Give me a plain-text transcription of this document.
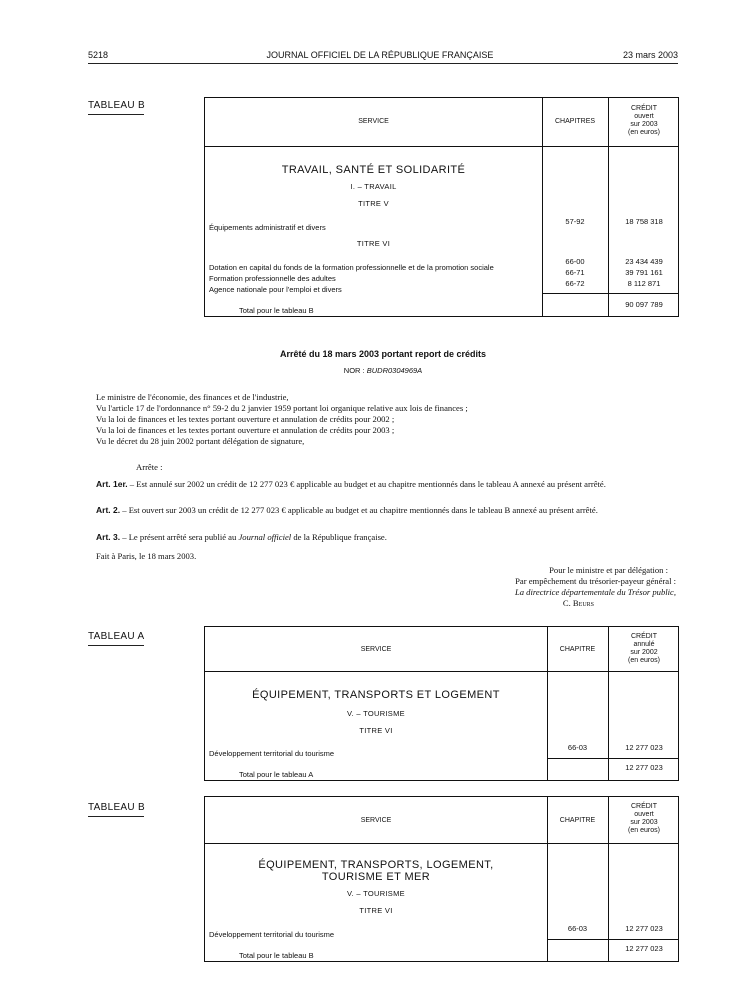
5218	JOURNAL OFFICIEL DE LA RÉPUBLIQUE FRANÇAISE	23 mars 2003
TABLEAU B
SERVICE	CHAPITRES
CRÉDIT
ouvert
sur 2003
(en euros)
TRAVAIL, SANTÉ ET SOLIDARITÉ
I. – TRAVAIL
TITRE V
Équipements administratif et divers
57-92	18 758 318
TITRE VI
Dotation en capital du fonds de la formation professionnelle et de la promotion sociale
66-00	23 434 439
Formation professionnelle des adultes
66-71	39 791 161
Agence nationale pour l'emploi et divers
66-72	8 112 871
Total pour le tableau B
90 097 789
Arrêté du 18 mars 2003 portant report de crédits
NOR : BUDR0304969A
Le ministre de l'économie, des finances et de l'industrie,
Vu l'article 17 de l'ordonnance n° 59-2 du 2 janvier 1959 portant loi organique relative aux lois de finances ;
Vu la loi de finances et les textes portant ouverture et annulation de crédits pour 2002 ;
Vu la loi de finances et les textes portant ouverture et annulation de crédits pour 2003 ;
Vu le décret du 28 juin 2002 portant délégation de signature,
Arrête :
Art. 1er. – Est annulé sur 2002 un crédit de 12 277 023 € applicable au budget et au chapitre mentionnés dans le tableau A annexé au présent arrêté.
Art. 2. – Est ouvert sur 2003 un crédit de 12 277 023 € applicable au budget et au chapitre mentionnés dans le tableau B annexé au présent arrêté.
Art. 3. – Le présent arrêté sera publié au Journal officiel de la République française.
Fait à Paris, le 18 mars 2003.
Pour le ministre et par délégation :
Par empêchement du trésorier-payeur général :
La directrice départementale du Trésor public,
C. Beurs
TABLEAU A
SERVICE	CHAPITRE
CRÉDIT
annulé
sur 2002
(en euros)
ÉQUIPEMENT, TRANSPORTS ET LOGEMENT
V. – TOURISME
TITRE VI
Développement territorial du tourisme
66-03	12 277 023
Total pour le tableau A
12 277 023
TABLEAU B
SERVICE	CHAPITRE
CRÉDIT
ouvert
sur 2003
(en euros)
ÉQUIPEMENT, TRANSPORTS, LOGEMENT,
TOURISME ET MER
V. – TOURISME
TITRE VI
Développement territorial du tourisme
66-03	12 277 023
Total pour le tableau B
12 277 023
